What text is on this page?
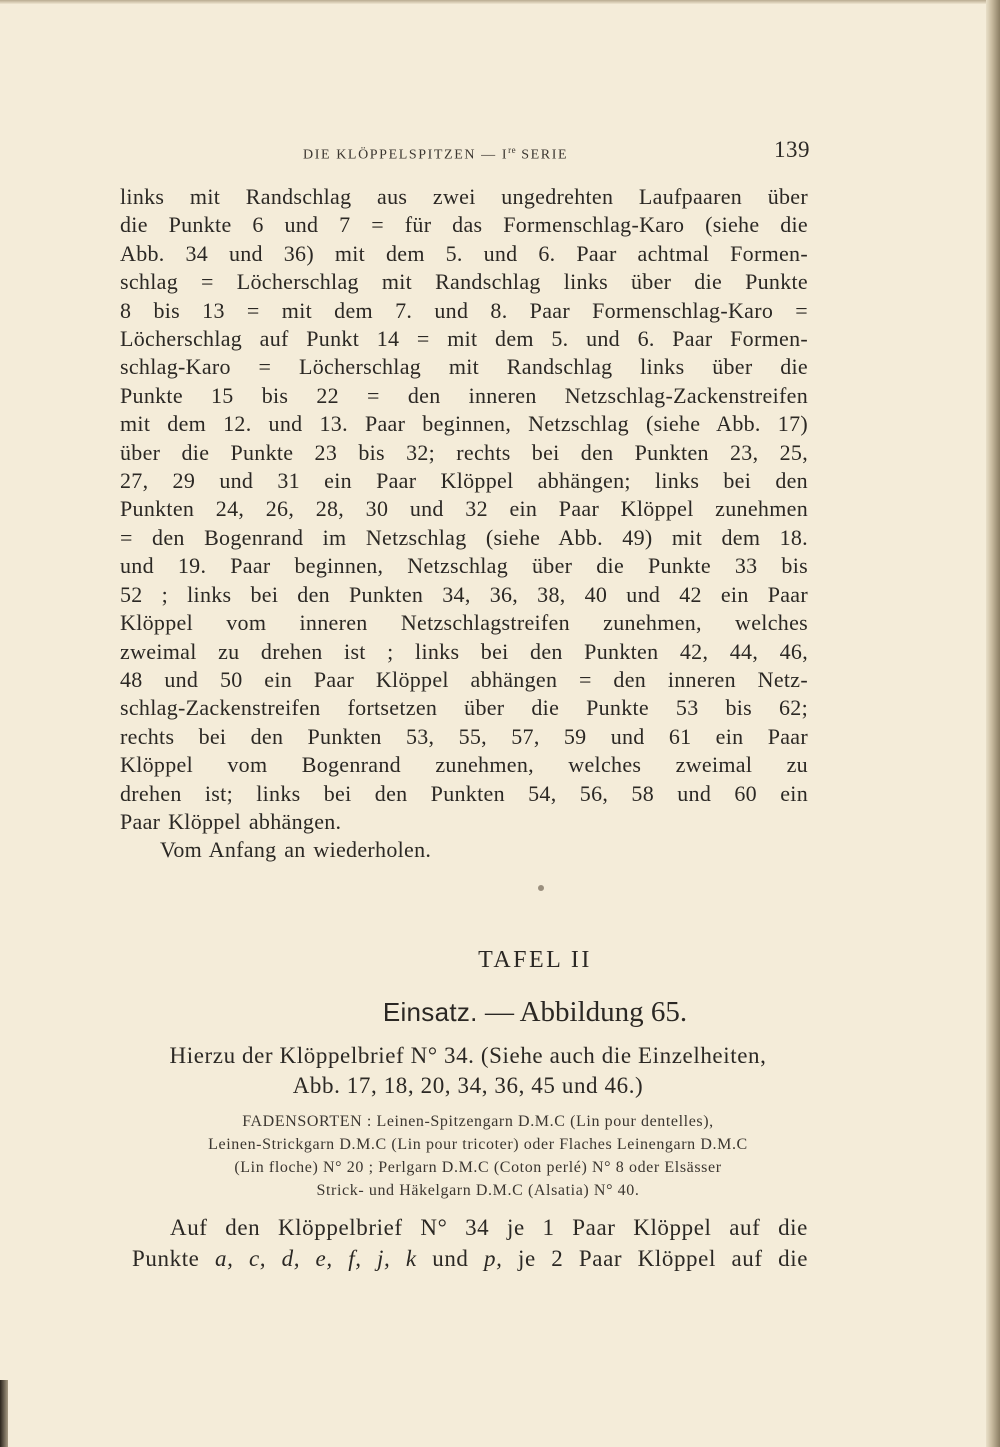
DIE KLÖPPELSPITZEN — Ire SERIE	139
links mit Randschlag aus zwei ungedrehten Laufpaaren über
die Punkte 6 und 7 = für das Formenschlag-Karo (siehe die
Abb. 34 und 36) mit dem 5. und 6. Paar achtmal Formen-
schlag = Löcherschlag mit Randschlag links über die Punkte
8 bis 13 = mit dem 7. und 8. Paar Formenschlag-Karo =
Löcherschlag auf Punkt 14 = mit dem 5. und 6. Paar Formen-
schlag-Karo = Löcherschlag mit Randschlag links über die
Punkte 15 bis 22 = den inneren Netzschlag-Zackenstreifen
mit dem 12. und 13. Paar beginnen, Netzschlag (siehe Abb. 17)
über die Punkte 23 bis 32; rechts bei den Punkten 23, 25,
27, 29 und 31 ein Paar Klöppel abhängen; links bei den
Punkten 24, 26, 28, 30 und 32 ein Paar Klöppel zunehmen
= den Bogenrand im Netzschlag (siehe Abb. 49) mit dem 18.
und 19. Paar beginnen, Netzschlag über die Punkte 33 bis
52 ; links bei den Punkten 34, 36, 38, 40 und 42 ein Paar
Klöppel vom inneren Netzschlagstreifen zunehmen, welches
zweimal zu drehen ist ; links bei den Punkten 42, 44, 46,
48 und 50 ein Paar Klöppel abhängen = den inneren Netz-
schlag-Zackenstreifen fortsetzen über die Punkte 53 bis 62;
rechts bei den Punkten 53, 55, 57, 59 und 61 ein Paar
Klöppel vom Bogenrand zunehmen, welches zweimal zu
drehen ist; links bei den Punkten 54, 56, 58 und 60 ein
Paar Klöppel abhängen.
Vom Anfang an wiederholen.
TAFEL II
Einsatz. — Abbildung 65.
Hierzu der Klöppelbrief N° 34. (Siehe auch die Einzelheiten,
Abb. 17, 18, 20, 34, 36, 45 und 46.)
FADENSORTEN : Leinen-Spitzengarn D.M.C (Lin pour dentelles),
Leinen-Strickgarn D.M.C (Lin pour tricoter) oder Flaches Leinengarn D.M.C
(Lin floche) N° 20 ; Perlgarn D.M.C (Coton perlé) N° 8 oder Elsässer
Strick- und Häkelgarn D.M.C (Alsatia) N° 40.
Auf den Klöppelbrief N° 34 je 1 Paar Klöppel auf die
Punkte a, c, d, e, f, j, k und p, je 2 Paar Klöppel auf die
